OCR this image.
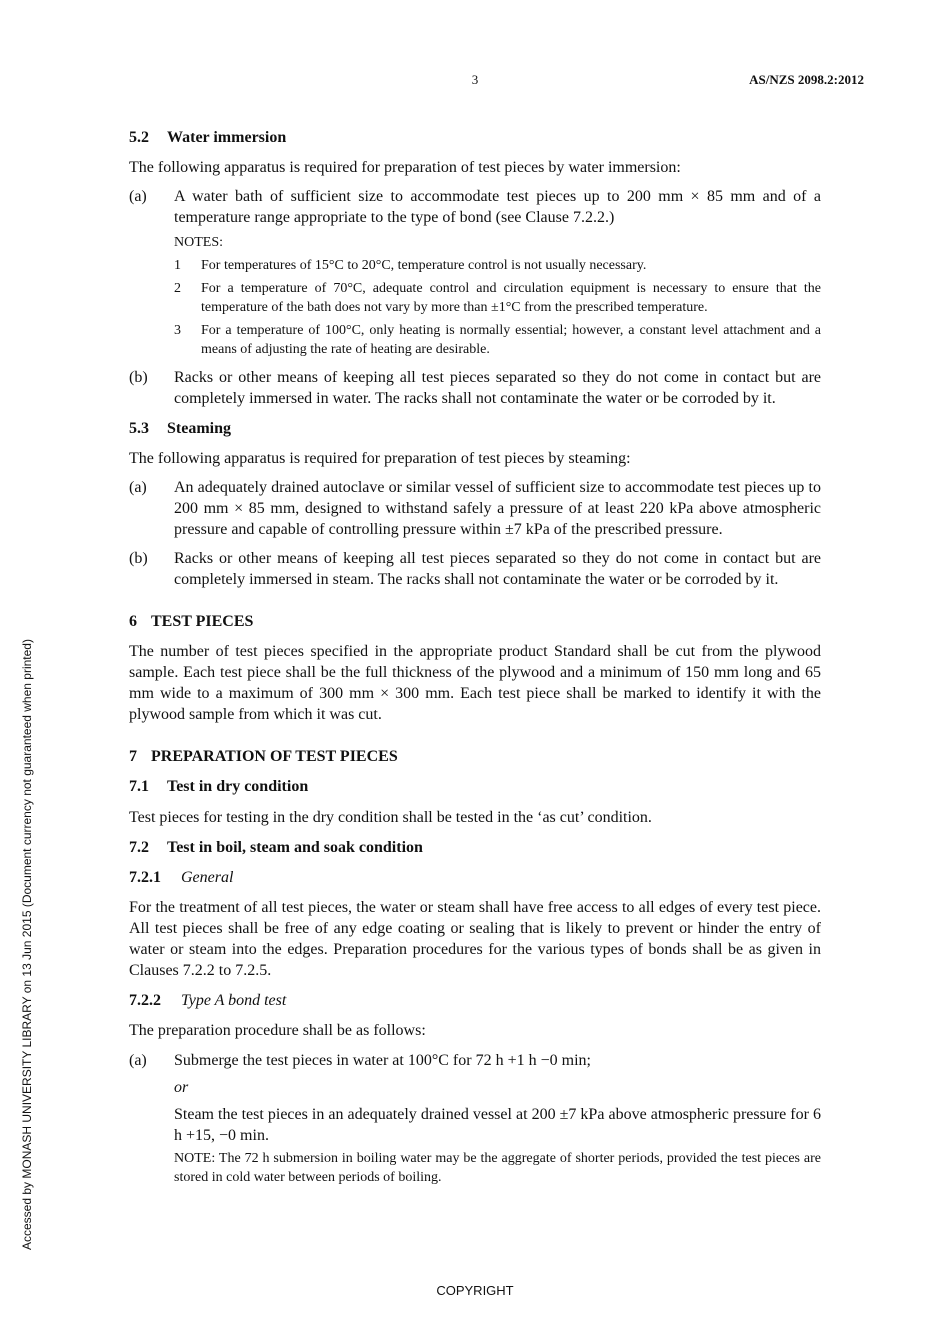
Accessed by MONASH UNIVERSITY LIBRARY on 13 Jun 2015 (Document currency not guaranteed when printed)
3	AS/NZS 2098.2:2012
5.2 Water immersion
The following apparatus is required for preparation of test pieces by water immersion:
(a)	A water bath of sufficient size to accommodate test pieces up to 200 mm × 85 mm and of a temperature range appropriate to the type of bond (see Clause 7.2.2.)
NOTES:
1	For temperatures of 15°C to 20°C, temperature control is not usually necessary.
2	For a temperature of 70°C, adequate control and circulation equipment is necessary to ensure that the temperature of the bath does not vary by more than ±1°C from the prescribed temperature.
3	For a temperature of 100°C, only heating is normally essential; however, a constant level attachment and a means of adjusting the rate of heating are desirable.
(b)	Racks or other means of keeping all test pieces separated so they do not come in contact but are completely immersed in water. The racks shall not contaminate the water or be corroded by it.
5.3 Steaming
The following apparatus is required for preparation of test pieces by steaming:
(a)	An adequately drained autoclave or similar vessel of sufficient size to accommodate test pieces up to 200 mm × 85 mm, designed to withstand safely a pressure of at least 220 kPa above atmospheric pressure and capable of controlling pressure within ±7 kPa of the prescribed pressure.
(b)	Racks or other means of keeping all test pieces separated so they do not come in contact but are completely immersed in steam. The racks shall not contaminate the water or be corroded by it.
6 TEST PIECES
The number of test pieces specified in the appropriate product Standard shall be cut from the plywood sample. Each test piece shall be the full thickness of the plywood and a minimum of 150 mm long and 65 mm wide to a maximum of 300 mm × 300 mm. Each test piece shall be marked to identify it with the plywood sample from which it was cut.
7 PREPARATION OF TEST PIECES
7.1 Test in dry condition
Test pieces for testing in the dry condition shall be tested in the ‘as cut’ condition.
7.2 Test in boil, steam and soak condition
7.2.1 General
For the treatment of all test pieces, the water or steam shall have free access to all edges of every test piece. All test pieces shall be free of any edge coating or sealing that is likely to prevent or hinder the entry of water or steam into the edges. Preparation procedures for the various types of bonds shall be as given in Clauses 7.2.2 to 7.2.5.
7.2.2 Type A bond test
The preparation procedure shall be as follows:
(a)	Submerge the test pieces in water at 100°C for 72 h +1 h −0 min;
or
Steam the test pieces in an adequately drained vessel at 200 ±7 kPa above atmospheric pressure for 6 h +15, −0 min.
NOTE: The 72 h submersion in boiling water may be the aggregate of shorter periods, provided the test pieces are stored in cold water between periods of boiling.
COPYRIGHT
